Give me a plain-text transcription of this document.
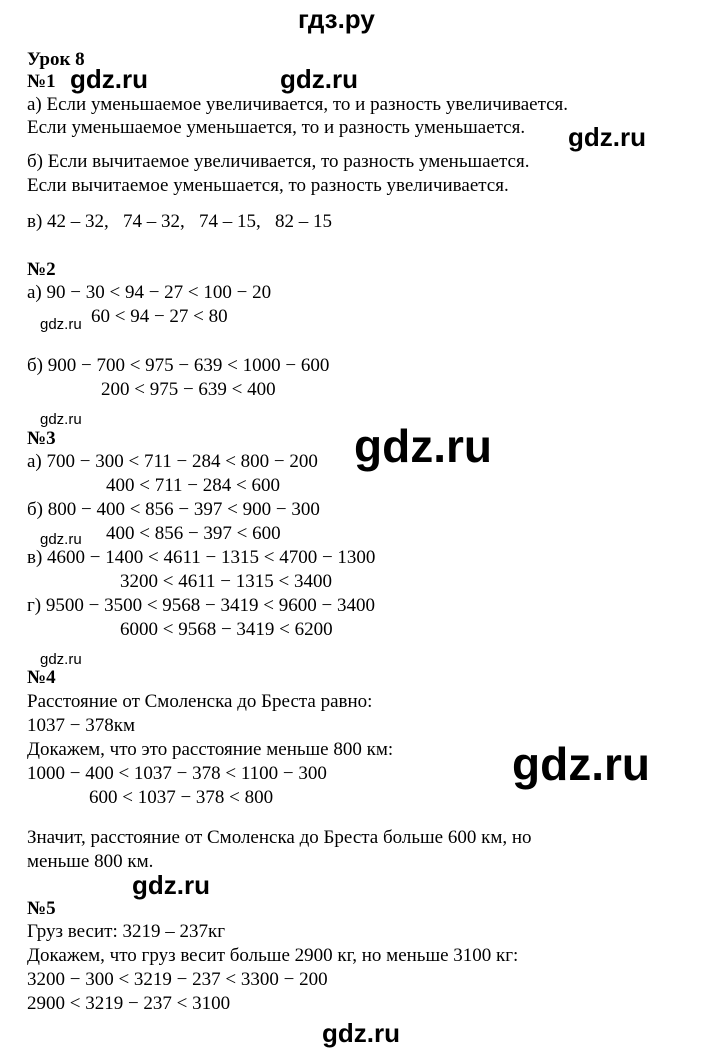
гдз.ру
Урок 8
№1
а) Если уменьшаемое увеличивается, то и разность увеличивается.
Если уменьшаемое уменьшается, то и разность уменьшается.
б) Если вычитаемое увеличивается, то разность уменьшается.
Если вычитаемое уменьшается, то разность увеличивается.
в) 42 – 32,   74 – 32,   74 – 15,   82 – 15
№2
а) 90 − 30 < 94 − 27 < 100 − 20
60 < 94 − 27 < 80
б) 900 − 700 < 975 − 639 < 1000 − 600
200 < 975 − 639 < 400
№3
а) 700 − 300 < 711 − 284 < 800 − 200
400 < 711 − 284 < 600
б) 800 − 400 < 856 − 397 < 900 − 300
400 < 856 − 397 < 600
в) 4600 − 1400 < 4611 − 1315 < 4700 − 1300
3200 < 4611 − 1315 < 3400
г) 9500 − 3500 < 9568 − 3419 < 9600 − 3400
6000 < 9568 − 3419 < 6200
№4
Расстояние от Смоленска до Бреста равно:
1037 − 378км
Докажем, что это расстояние меньше 800 км:
1000 − 400 < 1037 − 378 < 1100 − 300
600 < 1037 − 378 < 800
Значит, расстояние от Смоленска до Бреста больше 600 км, но
меньше 800 км.
№5
Груз весит: 3219 – 237кг
Докажем, что груз весит больше 2900 кг, но меньше 3100 кг:
3200 − 300 < 3219 − 237 < 3300 − 200
2900 < 3219 − 237 < 3100
gdz.ru	gdz.ru
gdz.ru
gdz.ru
gdz.ru
gdz.ru
gdz.ru
gdz.ru
gdz.ru
gdz.ru
gdz.ru
